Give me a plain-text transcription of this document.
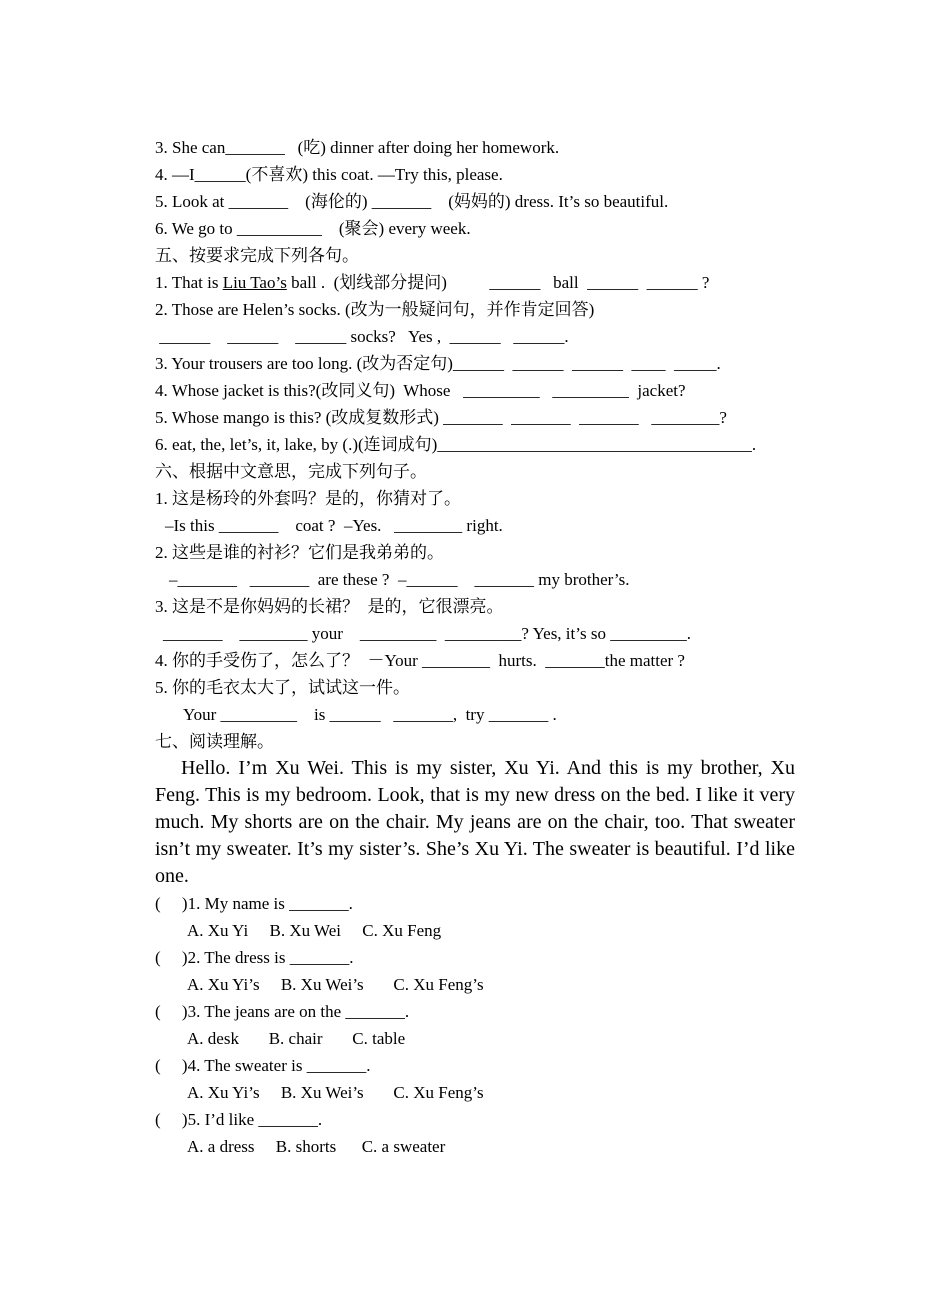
3. She can_______   (吃) dinner after doing her homework.
4. —I______(不喜欢) this coat. —Try this, please.
5. Look at _______    (海伦的) _______    (妈妈的) dress. It’s so beautiful.
6. We go to __________    (聚会) every week.
五、按要求完成下列各句。
1. That is Liu Tao’s ball .  (划线部分提问)          ______   ball  ______  ______ ?
2. Those are Helen’s socks. (改为一般疑问句，并作肯定回答)
______    ______    ______ socks?   Yes ,  ______   ______.
3. Your trousers are too long. (改为否定句)______  ______  ______  ____  _____.
4. Whose jacket is this?(改同义句)  Whose   _________   _________  jacket?
5. Whose mango is this? (改成复数形式) _______  _______  _______   ________?
6. eat, the, let’s, it, lake, by (.)(连词成句)_____________________________________.
六、根据中文意思，完成下列句子。
1. 这是杨玲的外套吗？是的，你猜对了。
–Is this _______    coat ?  –Yes.   ________ right.
2. 这些是谁的衬衫？它们是我弟弟的。
–_______   _______  are these ?  –______    _______ my brother’s.
3. 这是不是你妈妈的长裙？  是的，它很漂亮。
_______    ________ your    _________  _________? Yes, it’s so _________.
4. 你的手受伤了，怎么了？  －Your ________  hurts.  _______the matter ?
5. 你的毛衣太大了，试试这一件。
Your _________    is ______   _______,  try _______ .
七、阅读理解。

Hello. I’m Xu Wei. This is my sister, Xu Yi. And this is my brother, Xu Feng. This is my bedroom. Look, that is my new dress on the bed. I like it very much. My shorts are on the chair. My jeans are on the chair, too. That sweater isn’t my sweater. It’s my sister’s. She’s Xu Yi. The sweater is beautiful. I’d like one.

(     )1. My name is _______.
A. Xu Yi     B. Xu Wei     C. Xu Feng
(     )2. The dress is _______.
A. Xu Yi’s     B. Xu Wei’s       C. Xu Feng’s
(     )3. The jeans are on the _______.
A. desk       B. chair       C. table
(     )4. The sweater is _______.
A. Xu Yi’s     B. Xu Wei’s       C. Xu Feng’s
(     )5. I’d like _______.
A. a dress     B. shorts      C. a sweater
